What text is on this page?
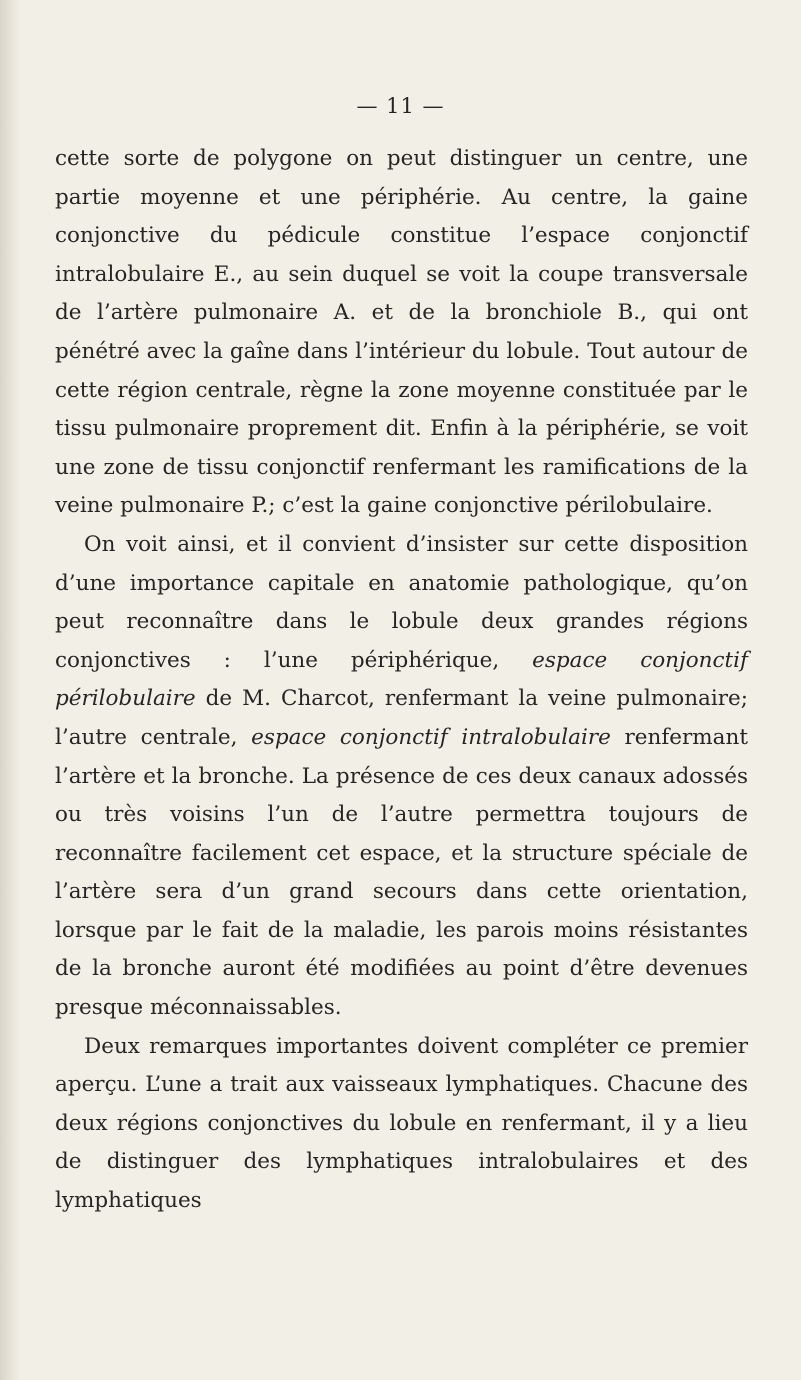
— 11 —

cette sorte de polygone on peut distinguer un centre, une partie moyenne et une périphérie. Au centre, la gaine conjonctive du pédicule constitue l’espace conjonctif intralobulaire E., au sein duquel se voit la coupe transversale de l’artère pulmonaire A. et de la bronchiole B., qui ont pénétré avec la gaîne dans l’intérieur du lobule. Tout autour de cette région centrale, règne la zone moyenne constituée par le tissu pulmonaire proprement dit. Enfin à la périphérie, se voit une zone de tissu conjonctif renfermant les ramifications de la veine pulmonaire P.; c’est la gaine conjonctive périlobulaire.

On voit ainsi, et il convient d’insister sur cette disposition d’une importance capitale en anatomie pathologique, qu’on peut reconnaître dans le lobule deux grandes régions conjonctives : l’une périphérique, espace conjonctif périlobulaire de M. Charcot, renfermant la veine pulmonaire; l’autre centrale, espace conjonctif intralobulaire renfermant l’artère et la bronche. La présence de ces deux canaux adossés ou très voisins l’un de l’autre permettra toujours de reconnaître facilement cet espace, et la structure spéciale de l’artère sera d’un grand secours dans cette orientation, lorsque par le fait de la maladie, les parois moins résistantes de la bronche auront été modifiées au point d’être devenues presque méconnaissables.

Deux remarques importantes doivent compléter ce premier aperçu. L’une a trait aux vaisseaux lymphatiques. Chacune des deux régions conjonctives du lobule en renfermant, il y a lieu de distinguer des lymphatiques intralobulaires et des lymphatiques
